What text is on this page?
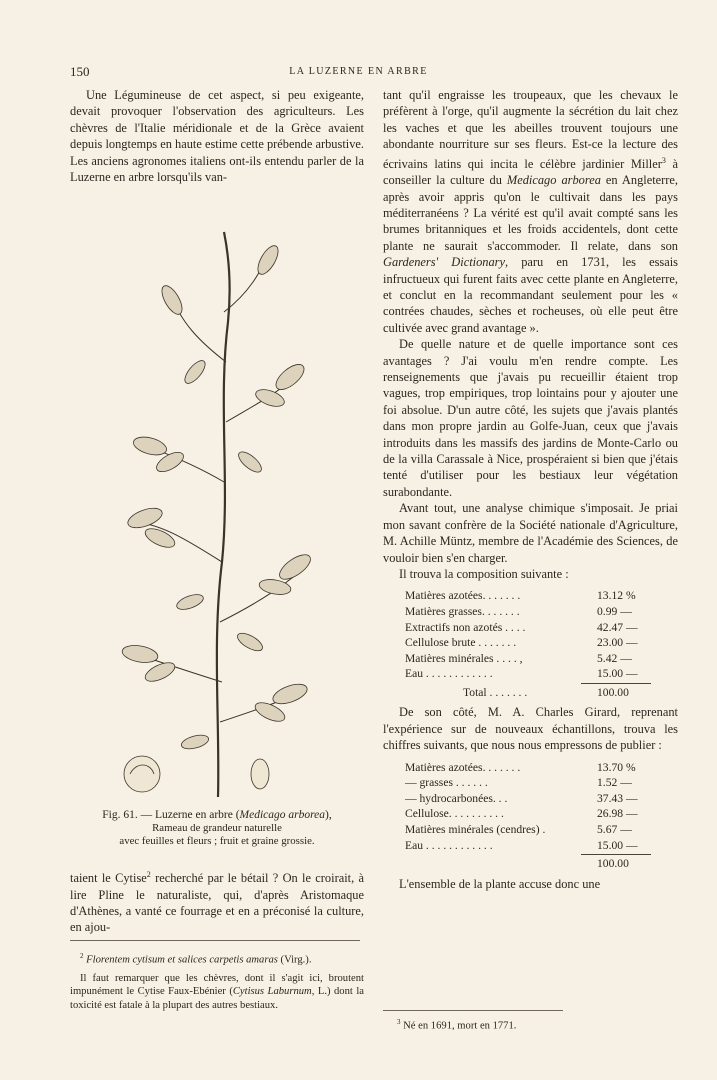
150	LA LUZERNE EN ARBRE

Une Légumineuse de cet aspect, si peu exigeante, devait provoquer l'observation des agriculteurs. Les chèvres de l'Italie méridionale et de la Grèce avaient depuis longtemps en haute estime cette prébende arbustive. Les anciens agronomes italiens ont-ils entendu parler de la Luzerne en arbre lorsqu'ils van-

Fig. 61. — Luzerne en arbre (Medicago arborea),
Rameau de grandeur naturelle
avec feuilles et fleurs ; fruit et graine grossie.

taient le Cytise$^2$ recherché par le bétail ? On le croirait, à lire Pline le naturaliste, qui, d'après Aristomaque d'Athènes, a vanté ce fourrage et en a préconisé la culture, en ajou-

$^2$ Florentem cytisum et salices carpetis amaras (Virg.).

Il faut remarquer que les chèvres, dont il s'agit ici, broutent impunément le Cytise Faux-Ebénier (Cytisus Laburnum, L.) dont la toxicité est fatale à la plupart des autres bestiaux.

tant qu'il engraisse les troupeaux, que les chevaux le préfèrent à l'orge, qu'il augmente la sécrétion du lait chez les vaches et que les abeilles trouvent toujours une abondante nourriture sur ses fleurs. Est-ce la lecture des écrivains latins qui incita le célèbre jardinier Miller$^3$ à conseiller la culture du Medicago arborea en Angleterre, après avoir appris qu'on le cultivait dans les pays méditerranéens ? La vérité est qu'il avait compté sans les brumes britanniques et les froids accidentels, dont cette plante ne saurait s'accommoder. Il relate, dans son Gardeners' Dictionary, paru en 1731, les essais infructueux qui furent faits avec cette plante en Angleterre, et conclut en la recommandant seulement pour les « contrées chaudes, sèches et rocheuses, où elle peut être cultivée avec grand avantage ».

De quelle nature et de quelle importance sont ces avantages ? J'ai voulu m'en rendre compte. Les renseignements que j'avais pu recueillir étaient trop vagues, trop empiriques, trop lointains pour y ajouter une foi absolue. D'un autre côté, les sujets que j'avais plantés dans mon propre jardin au Golfe-Juan, ceux que j'avais introduits dans les massifs des jardins de Monte-Carlo ou de la villa Carassale à Nice, prospéraient si bien que j'étais tenté d'utiliser pour les bestiaux leur végétation surabondante.

Avant tout, une analyse chimique s'imposait. Je priai mon savant confrère de la Société nationale d'Agriculture, M. Achille Müntz, membre de l'Académie des Sciences, de vouloir bien s'en charger.

Il trouva la composition suivante :

Matières azotées. . . . . . .	13.12 %
Matières grasses. . . . . . .	0.99 —
Extractifs non azotés . . . .	42.47 —
Cellulose brute . . . . . . .	23.00 —
Matières minérales . . . . ,	5.42 —
Eau . . . . . . . . . . . .	15.00 —
Total . . . . . . .	100.00

De son côté, M. A. Charles Girard, reprenant l'expérience sur de nouveaux échantillons, trouva les chiffres suivants, que nous nous empressons de publier :

Matières azotées. . . . . . .	13.70 %
— grasses . . . . . .	1.52 —
— hydrocarbonées. . .	37.43 —
Cellulose. . . . . . . . . .	26.98 —
Matières minérales (cendres) .	5.67 —
Eau . . . . . . . . . . . .	15.00 —
100.00

L'ensemble de la plante accuse donc une

$^3$ Né en 1691, mort en 1771.
